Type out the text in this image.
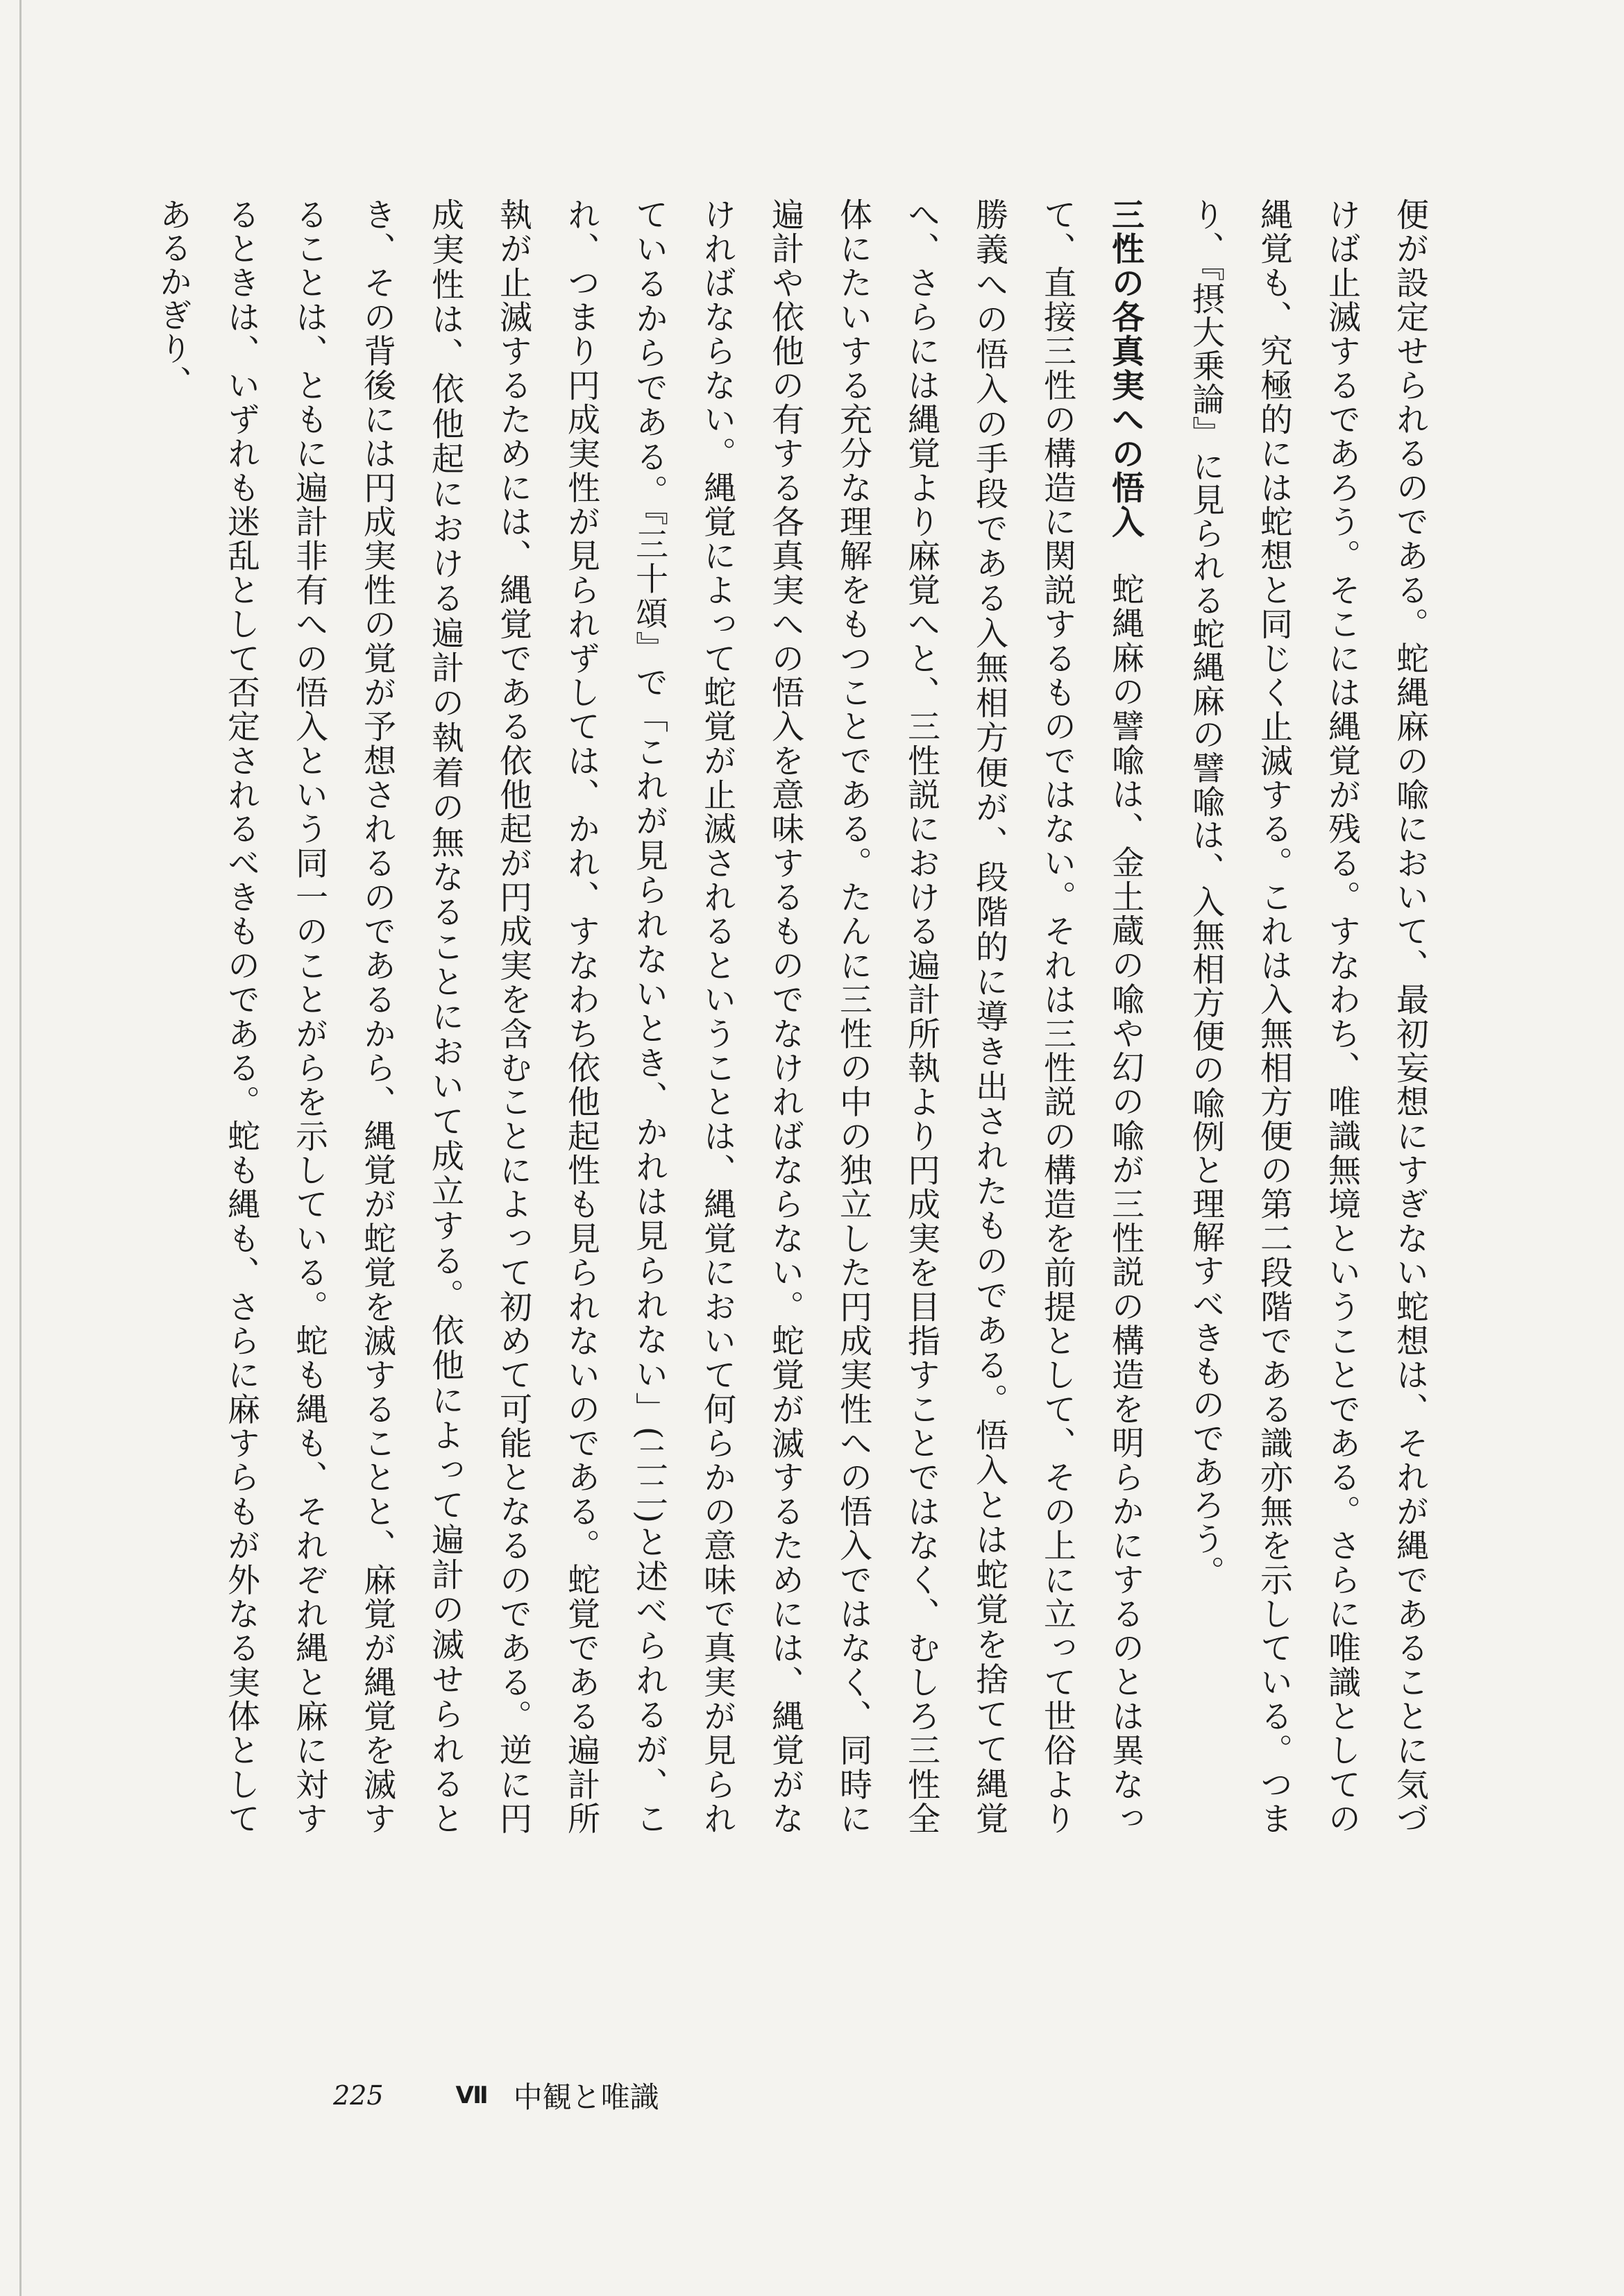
便が設定せられるのである。蛇縄麻の喩において、最初妄想にすぎない蛇想は、それが縄であることに気づけば止滅するであろう。そこには縄覚が残る。すなわち、唯識無境ということである。さらに唯識としての縄覚も、究極的には蛇想と同じく止滅する。これは入無相方便の第二段階である識亦無を示している。つまり、『摂大乗論』に見られる蛇縄麻の譬喩は、入無相方便の喩例と理解すべきものであろう。

三性の各真実への悟入蛇縄麻の譬喩は、金土蔵の喩や幻の喩が三性説の構造を明らかにするのとは異なって、直接三性の構造に関説するものではない。それは三性説の構造を前提として、その上に立って世俗より勝義への悟入の手段である入無相方便が、段階的に導き出されたものである。悟入とは蛇覚を捨てて縄覚へ、さらには縄覚より麻覚へと、三性説における遍計所執より円成実を目指すことではなく、むしろ三性全体にたいする充分な理解をもつことである。たんに三性の中の独立した円成実性への悟入ではなく、同時に遍計や依他の有する各真実への悟入を意味するものでなければならない。蛇覚が滅するためには、縄覚がなければならない。縄覚によって蛇覚が止滅されるということは、縄覚において何らかの意味で真実が見られているからである。『三十頌』で「これが見られないとき、かれは見られない」(二二)と述べられるが、これ、つまり円成実性が見られずしては、かれ、すなわち依他起性も見られないのである。蛇覚である遍計所執が止滅するためには、縄覚である依他起が円成実を含むことによって初めて可能となるのである。逆に円成実性は、依他起における遍計の執着の無なることにおいて成立する。依他によって遍計の滅せられるとき、その背後には円成実性の覚が予想されるのであるから、縄覚が蛇覚を滅することと、麻覚が縄覚を滅することは、ともに遍計非有への悟入という同一のことがらを示している。蛇も縄も、それぞれ縄と麻に対するときは、いずれも迷乱として否定されるべきものである。蛇も縄も、さらに麻すらもが外なる実体としてあるかぎり、

225	Ⅶ 中観と唯識
